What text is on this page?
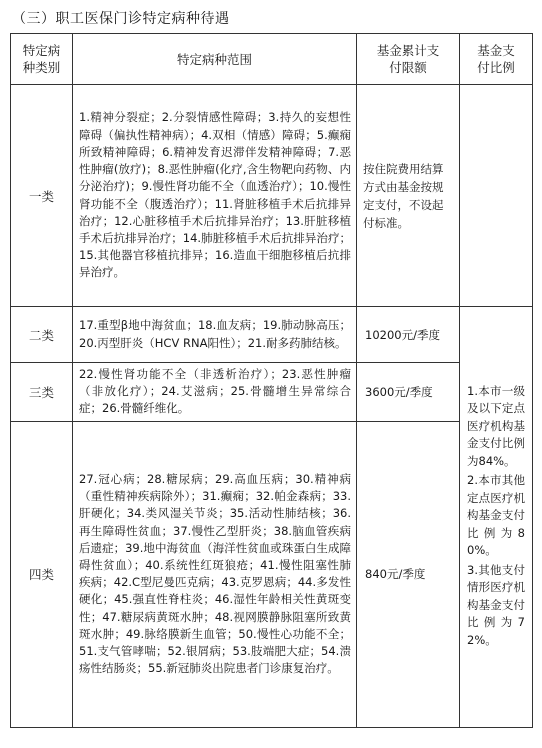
（三）职工医保门诊特定病种待遇
特定病种类别	特定病种范围	基金累计支付限额	基金支付比例
一类	1.精神分裂症；2.分裂情感性障碍；3.持久的妄想性障碍（偏执性精神病）；4.双相（情感）障碍；5.癫痫所致精神障碍；6.精神发育迟滞伴发精神障碍；7.恶性肿瘤(放疗)；8.恶性肿瘤(化疗,含生物靶向药物、内分泌治疗)；9.慢性肾功能不全（血透治疗）；10.慢性肾功能不全（腹透治疗）；11.肾脏移植手术后抗排异治疗；12.心脏移植手术后抗排异治疗；13.肝脏移植手术后抗排异治疗；14.肺脏移植手术后抗排异治疗；15.其他器官移植抗排异；16.造血干细胞移植后抗排异治疗。	按住院费用结算方式由基金按规定支付，不设起付标准。	
二类	17.重型β地中海贫血；18.血友病；19.肺动脉高压；20.丙型肝炎（HCV RNA阳性）；21.耐多药肺结核。	10200元/季度	1.本市一级及以下定点医疗机构基金支付比例为84%。

2.本市其他定点医疗机构基金支付比例为80%。

3.其他支付情形医疗机构基金支付比例为72%。

三类	22.慢性肾功能不全（非透析治疗）；23.恶性肿瘤（非放化疗）；24.艾滋病；25.骨髓增生异常综合症；26.骨髓纤维化。	3600元/季度	
四类	27.冠心病；28.糖尿病；29.高血压病；30.精神病（重性精神疾病除外）；31.癫痫；32.帕金森病；33.肝硬化；34.类风湿关节炎；35.活动性肺结核；36.再生障碍性贫血；37.慢性乙型肝炎；38.脑血管疾病后遗症；39.地中海贫血（海洋性贫血或珠蛋白生成障碍性贫血）；40.系统性红斑狼疮；41.慢性阻塞性肺疾病；42.C型尼曼匹克病；43.克罗恩病；44.多发性硬化；45.强直性脊柱炎；46.湿性年龄相关性黄斑变性；47.糖尿病黄斑水肿；48.视网膜静脉阻塞所致黄斑水肿；49.脉络膜新生血管；50.慢性心功能不全；51.支气管哮喘；52.银屑病；53.肢端肥大症；54.溃疡性结肠炎；55.新冠肺炎出院患者门诊康复治疗。	840元/季度	
